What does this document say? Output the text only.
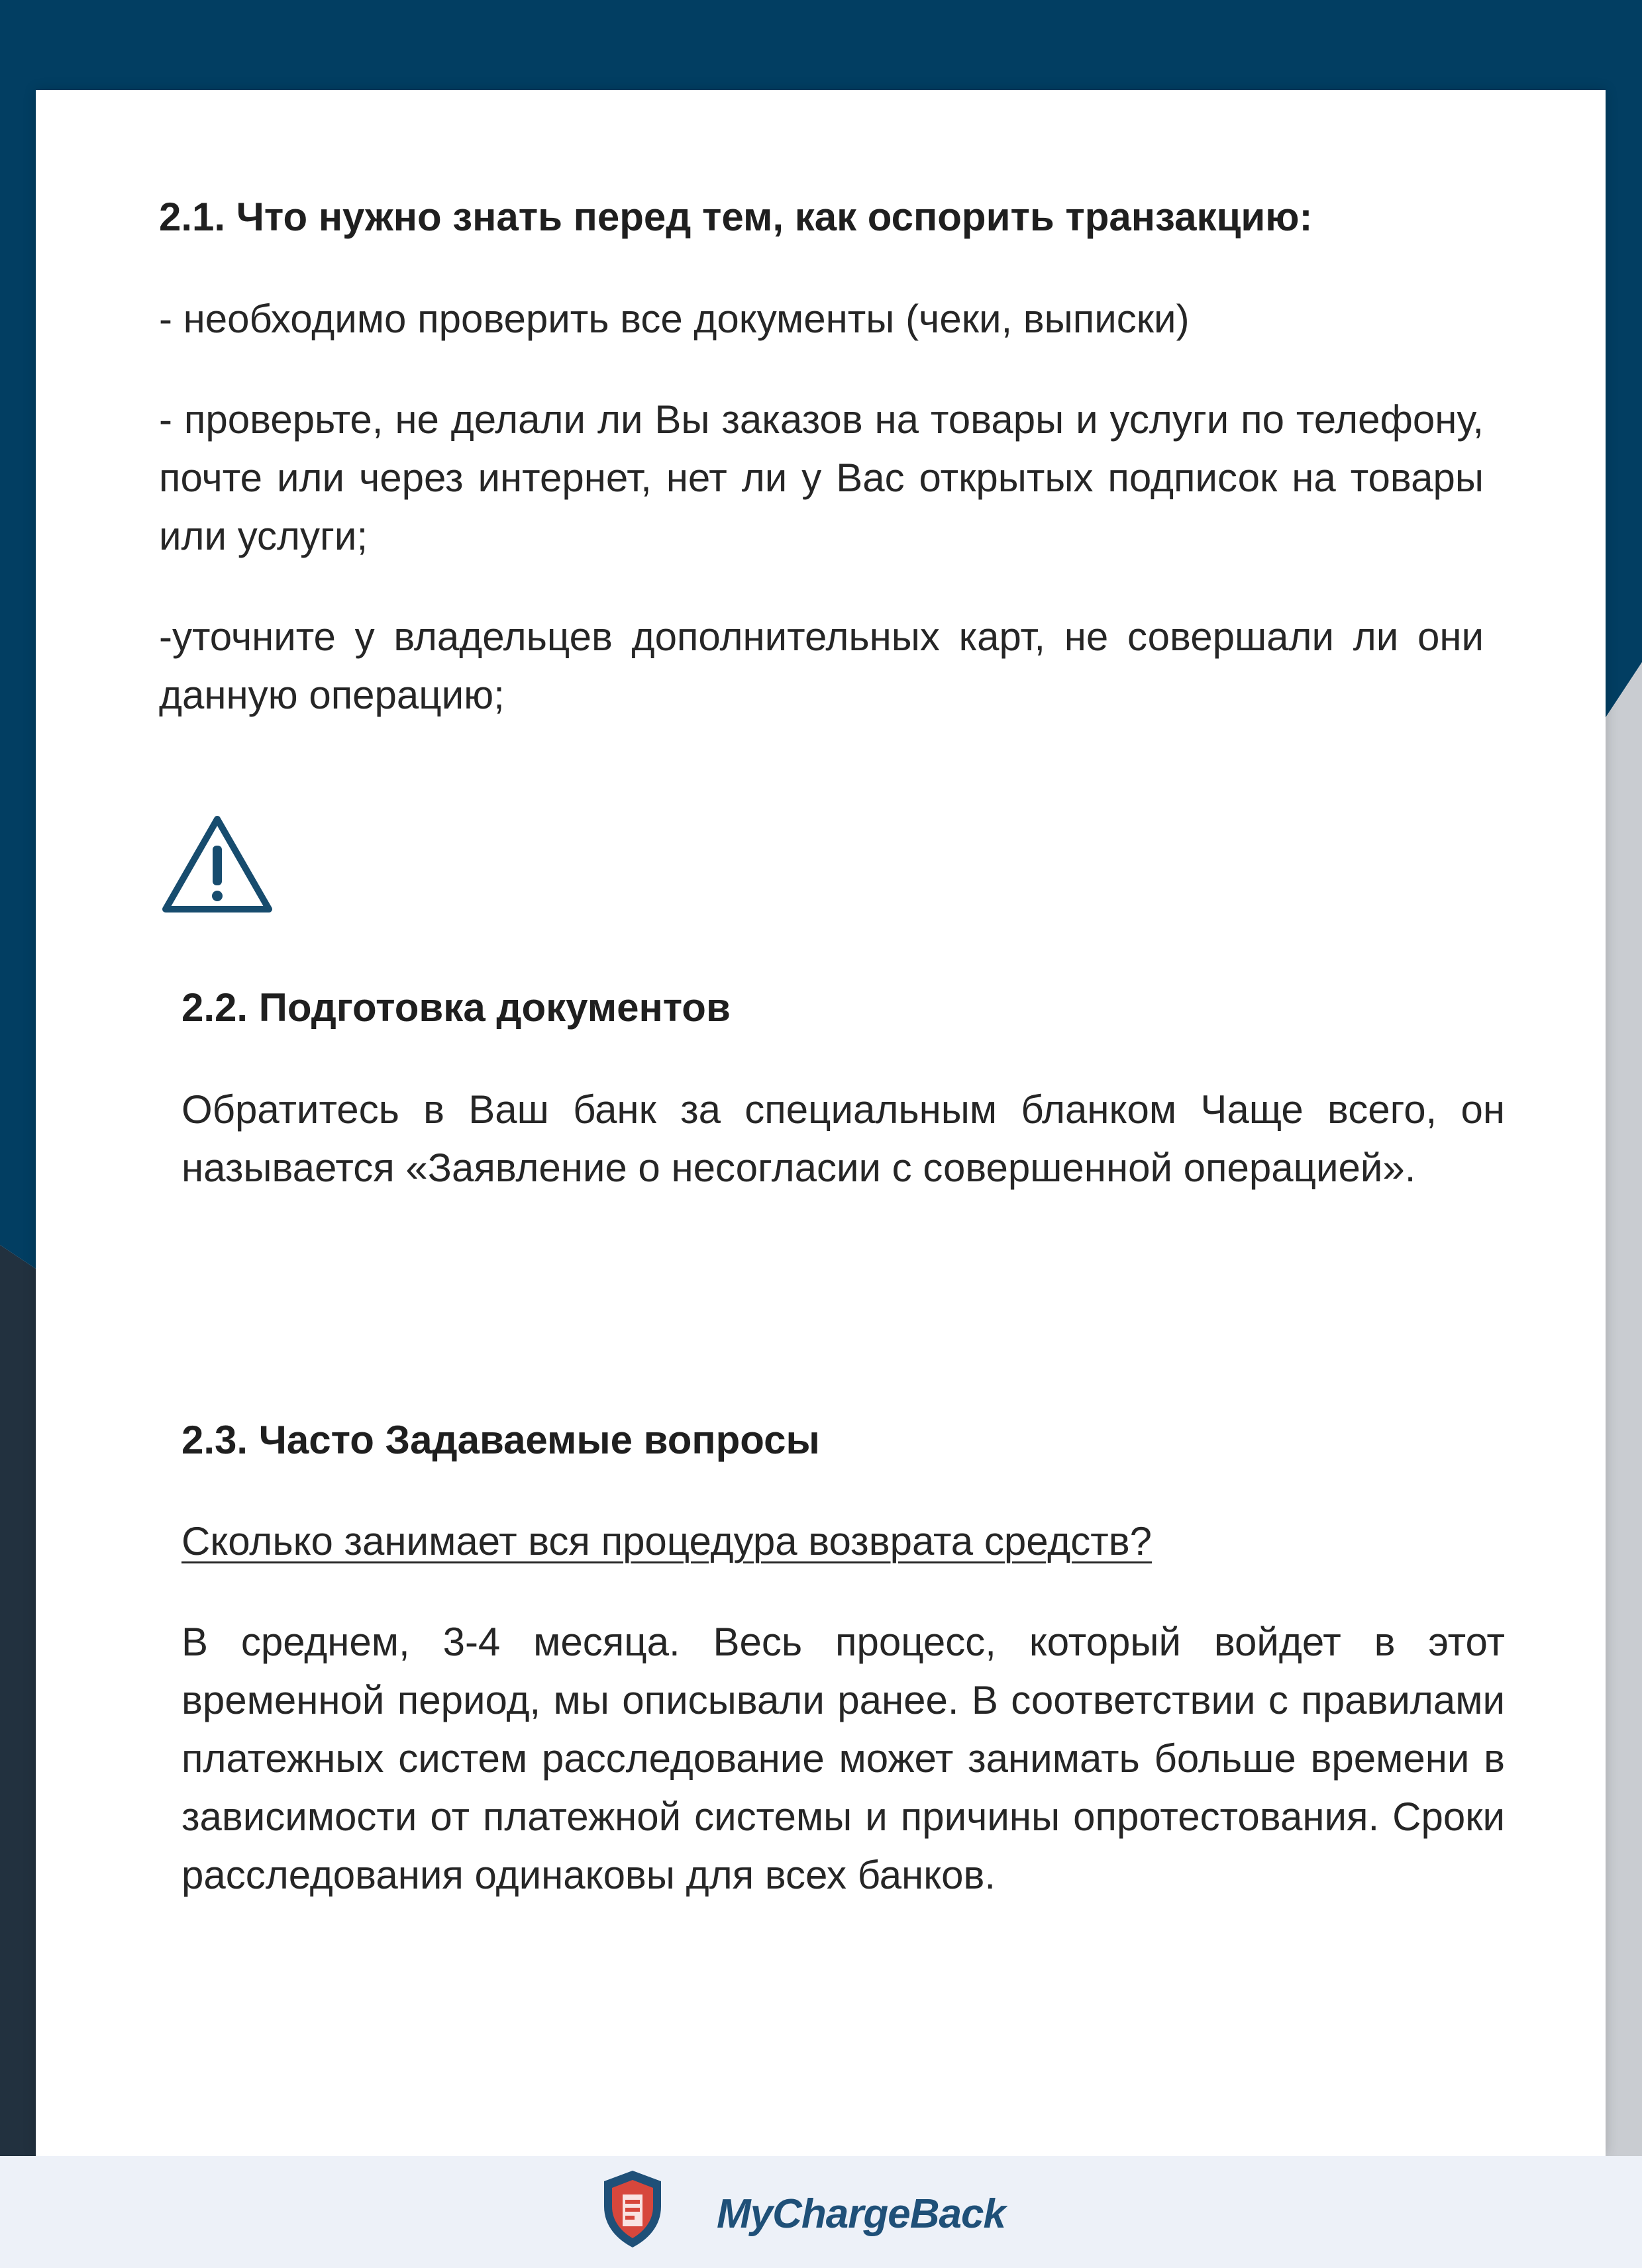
2.1. Что нужно знать перед тем, как оспорить транзакцию:
- необходимо проверить все документы (чеки, выписки)
- проверьте, не делали ли Вы заказов на товары и услуги по телефону, почте или через интернет, нет ли у Вас открытых подписок на товары или услуги;
-уточните у владельцев дополнительных карт, не совершали ли они данную операцию;
2.2. Подготовка документов
Обратитесь в Ваш банк за специальным бланком Чаще всего, он называется «Заявление о несогласии с совершенной операцией».
2.3. Часто Задаваемые вопросы
Сколько занимает вся процедура возврата средств?
В среднем, 3-4 месяца. Весь процесс, который войдет в этот временной период, мы описывали ранее. В соответствии с правилами платежных систем расследование может занимать больше времени в зависимости от платежной системы и причины опротестования. Сроки расследования одинаковы для всех банков.
MyChargeBack
